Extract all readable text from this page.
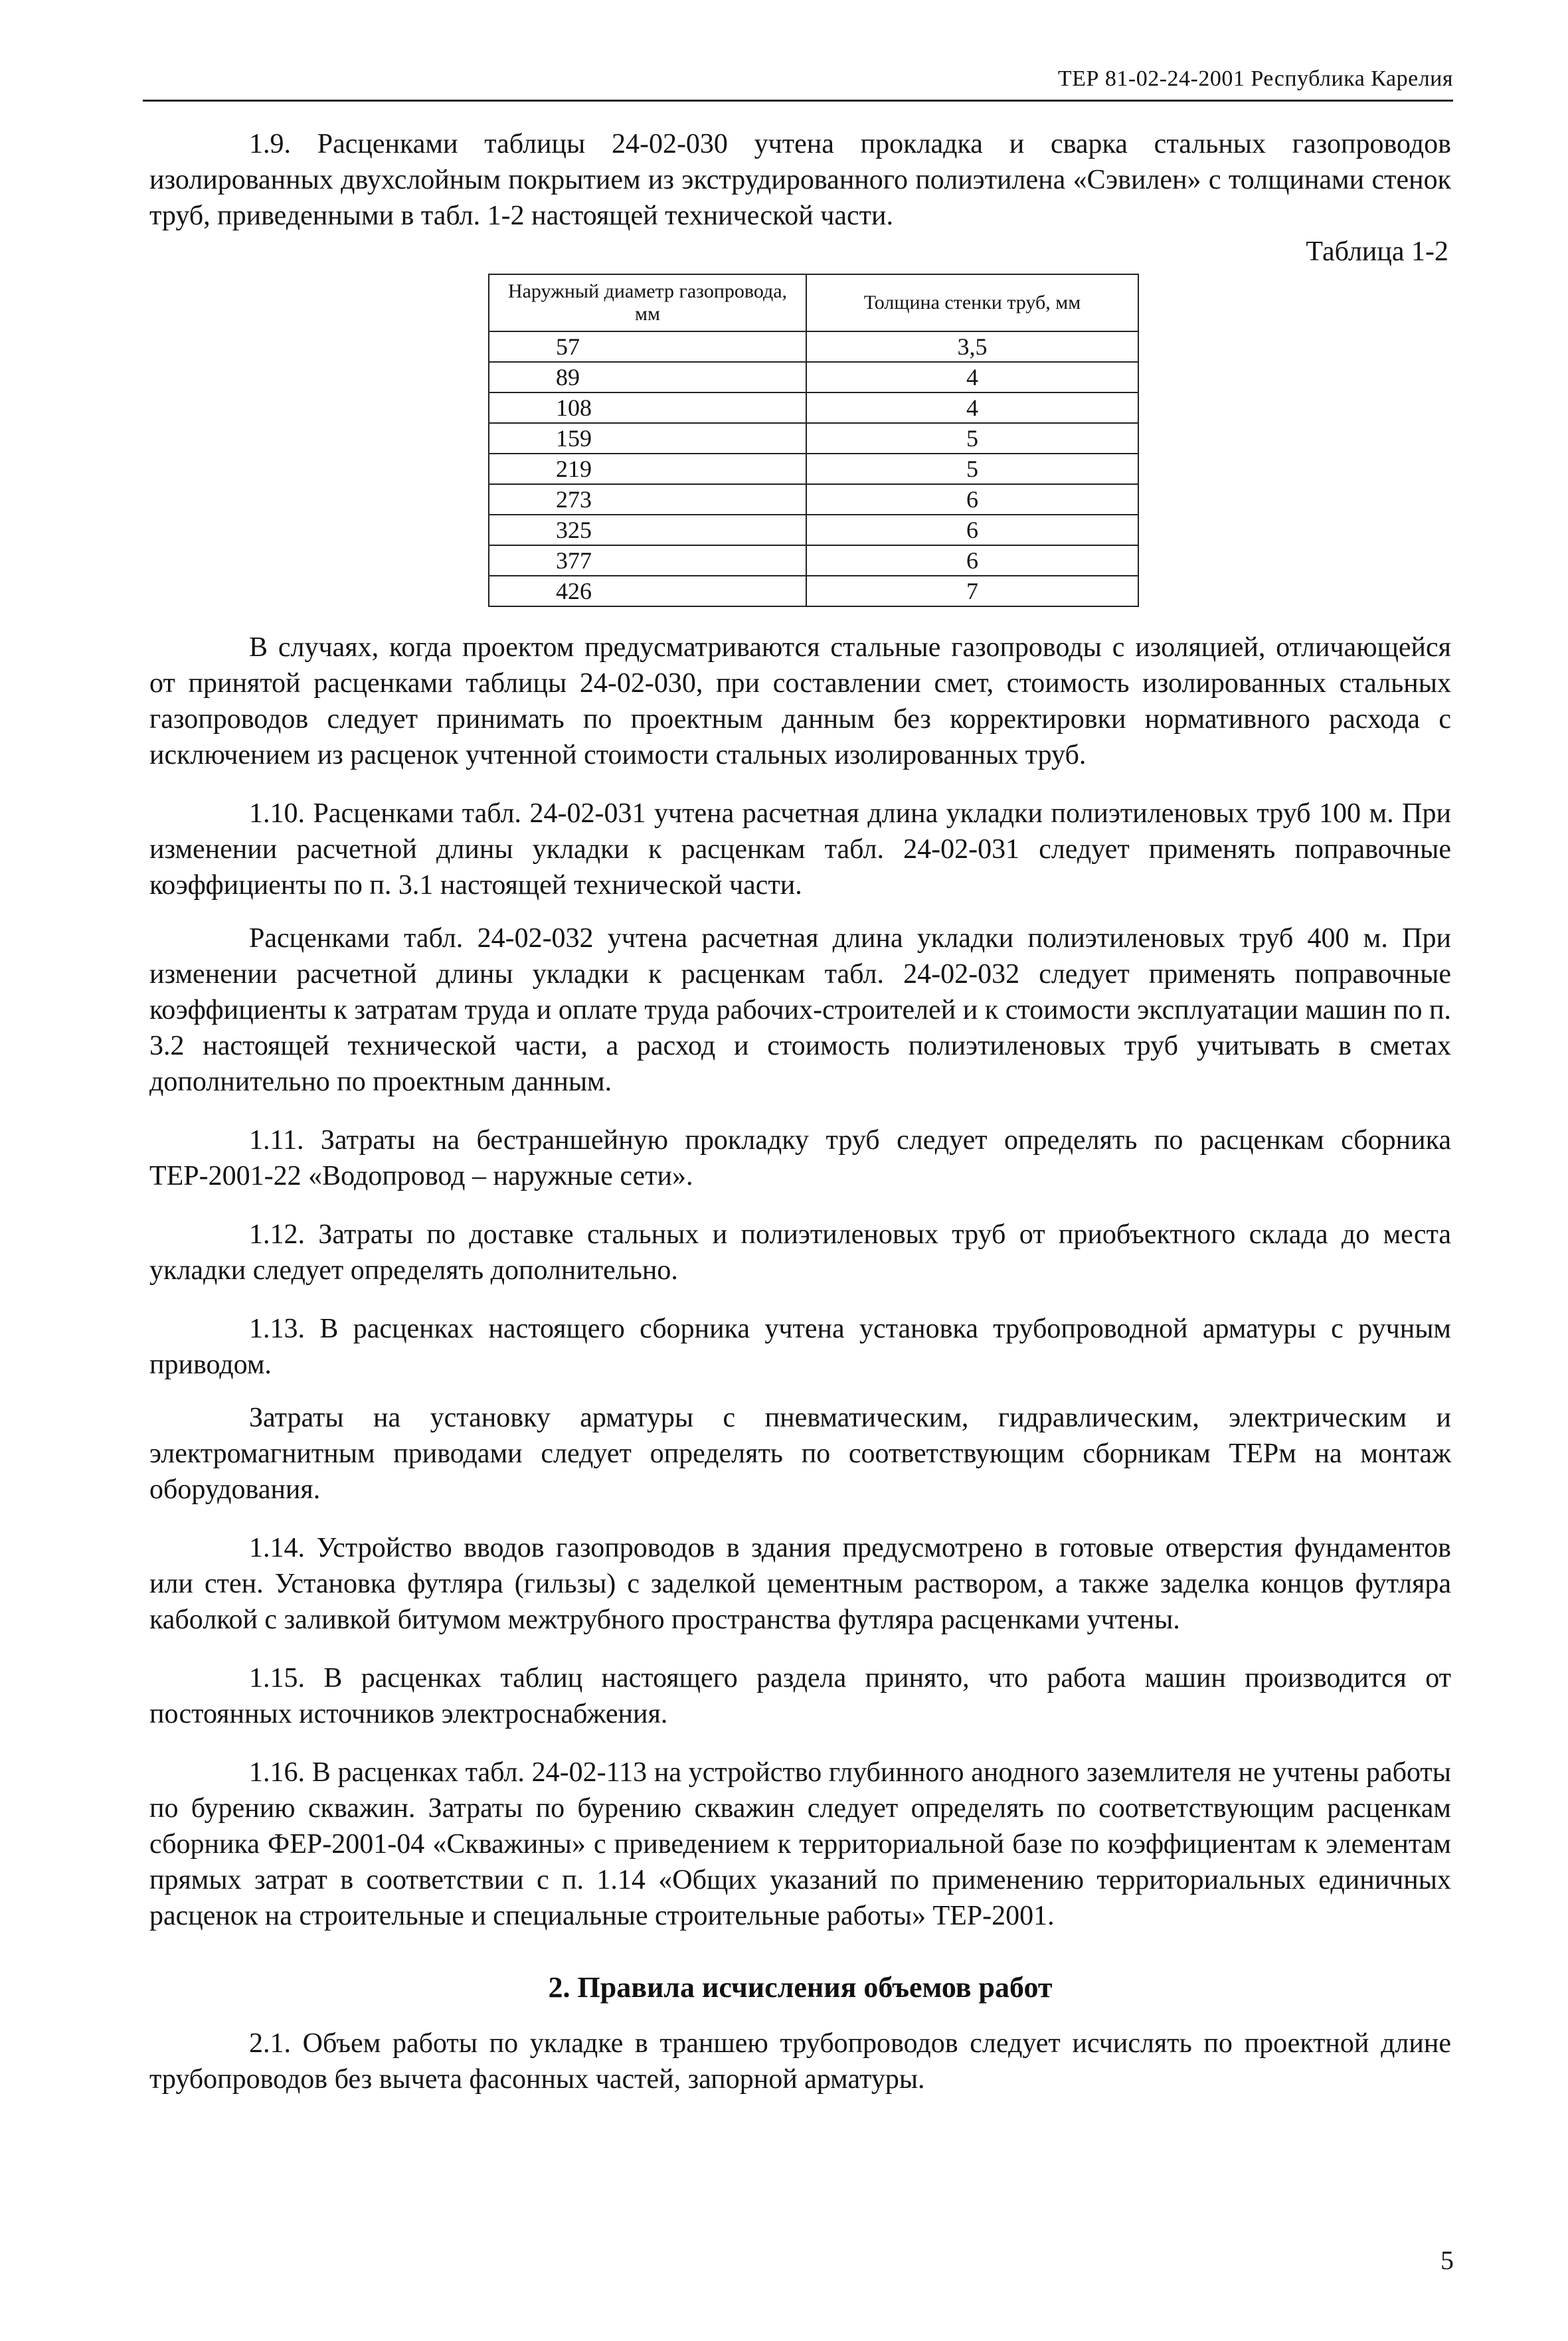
ТЕР 81-02-24-2001 Республика Карелия

1.9. Расценками таблицы 24-02-030 учтена прокладка и сварка стальных газопроводов изолированных двухслойным покрытием из экструдированного полиэтилена «Сэвилен» с толщинами стенок труб, приведенными в табл. 1-2 настоящей технической части.

Таблица 1-2

Наружный диаметр газопровода, мм	Толщина стенки труб, мм
57	3,5
89	4
108	4
159	5
219	5
273	6
325	6
377	6
426	7

В случаях, когда проектом предусматриваются стальные газопроводы с изоляцией, отличающейся от принятой расценками таблицы 24-02-030, при составлении смет, стоимость изолированных стальных газопроводов следует принимать по проектным данным без корректировки нормативного расхода с исключением из расценок учтенной стоимости стальных изолированных труб.

1.10. Расценками табл. 24-02-031 учтена расчетная длина укладки полиэтиленовых труб 100 м. При изменении расчетной длины укладки к расценкам табл. 24-02-031 следует применять поправочные коэффициенты по п. 3.1 настоящей технической части.

Расценками табл. 24-02-032 учтена расчетная длина укладки полиэтиленовых труб 400 м. При изменении расчетной длины укладки к расценкам табл. 24-02-032 следует применять поправочные коэффициенты к затратам труда и оплате труда рабочих-строителей и к стоимости эксплуатации машин по п. 3.2 настоящей технической части, а расход и стоимость полиэтиленовых труб учитывать в сметах дополнительно по проектным данным.

1.11. Затраты на бестраншейную прокладку труб следует определять по расценкам сборника ТЕР-2001-22 «Водопровод – наружные сети».

1.12. Затраты по доставке стальных и полиэтиленовых труб от приобъектного склада до места укладки следует определять дополнительно.

1.13. В расценках настоящего сборника учтена установка трубопроводной арматуры с ручным приводом.

Затраты на установку арматуры с пневматическим, гидравлическим, электрическим и электромагнитным приводами следует определять по соответствующим сборникам ТЕРм на монтаж оборудования.

1.14. Устройство вводов газопроводов в здания предусмотрено в готовые отверстия фундаментов или стен. Установка футляра (гильзы) с заделкой цементным раствором, а также заделка концов футляра каболкой с заливкой битумом межтрубного пространства футляра расценками учтены.

1.15. В расценках таблиц настоящего раздела принято, что работа машин производится от постоянных источников электроснабжения.

1.16. В расценках табл. 24-02-113 на устройство глубинного анодного заземлителя не учтены работы по бурению скважин. Затраты по бурению скважин следует определять по соответствующим расценкам сборника ФЕР-2001-04 «Скважины» с приведением к территориальной базе по коэффициентам к элементам прямых затрат в соответствии с п. 1.14 «Общих указаний по применению территориальных единичных расценок на строительные и специальные строительные работы» ТЕР-2001.

2. Правила исчисления объемов работ

2.1. Объем работы по укладке в траншею трубопроводов следует исчислять по проектной длине трубопроводов без вычета фасонных частей, запорной арматуры.

5
